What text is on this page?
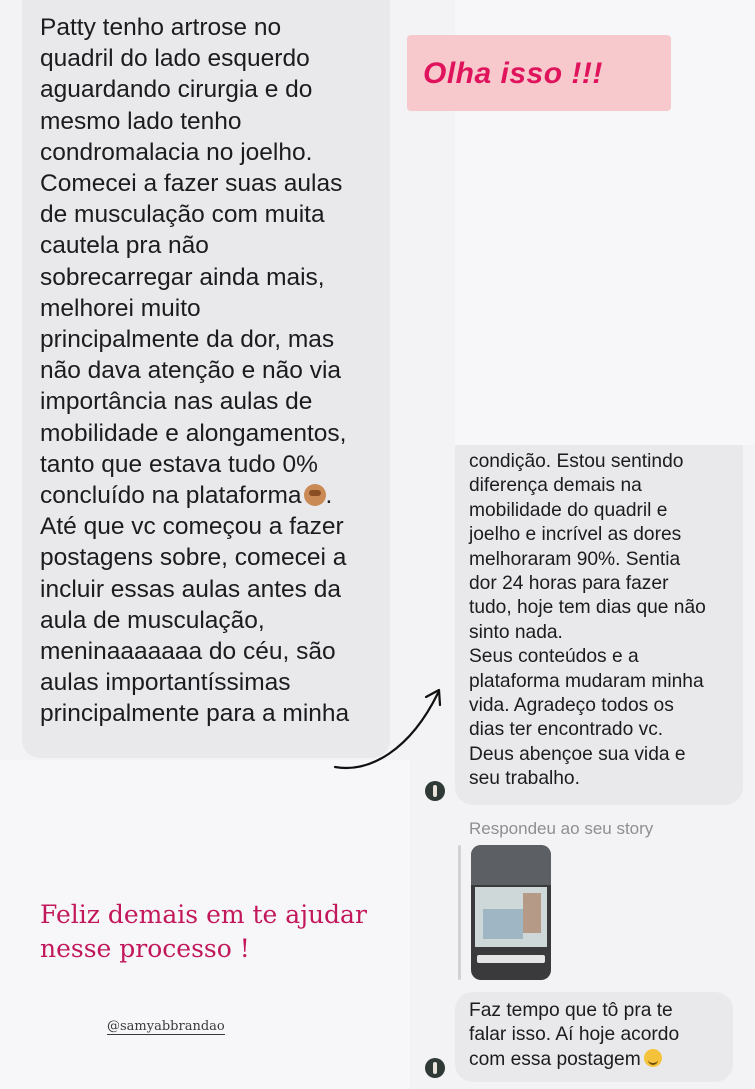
Patty tenho artrose no
quadril do lado esquerdo
aguardando cirurgia e do
mesmo lado tenho
condromalacia no joelho.
Comecei a fazer suas aulas
de musculação com muita
cautela pra não
sobrecarregar ainda mais,
melhorei muito
principalmente da dor, mas
não dava atenção e não via
importância nas aulas de
mobilidade e alongamentos,
tanto que estava tudo 0%
concluído na plataforma .
Até que vc começou a fazer
postagens sobre, comecei a
incluir essas aulas antes da
aula de musculação,
meninaaaaaaa do céu, são
aulas importantíssimas
principalmente para a minha

Olha isso !!!

condição. Estou sentindo
diferença demais na
mobilidade do quadril e
joelho e incrível as dores
melhoraram 90%. Sentia
dor 24 horas para fazer
tudo, hoje tem dias que não
sinto nada.
Seus conteúdos e a
plataforma mudaram minha
vida. Agradeço todos os
dias ter encontrado vc.
Deus abençoe sua vida e
seu trabalho.

Respondeu ao seu story

Faz tempo que tô pra te
falar isso. Aí hoje acordo
com essa postagem

Feliz demais em te ajudar
nesse processo !

@samyabbrandao
